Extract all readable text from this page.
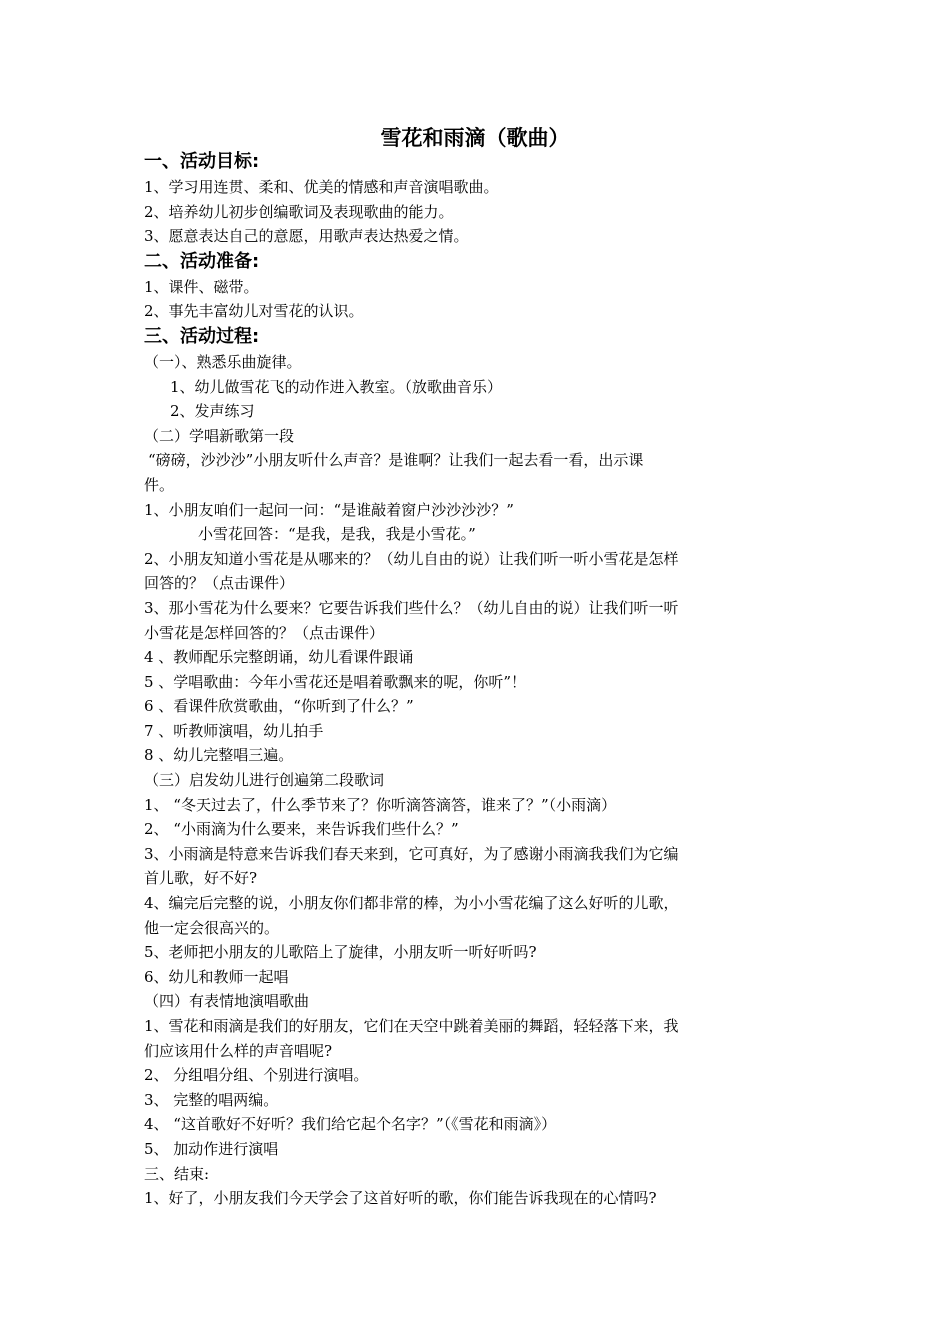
雪花和雨滴（歌曲）
一、活动目标:
1、学习用连贯、柔和、优美的情感和声音演唱歌曲。
2、培养幼儿初步创编歌词及表现歌曲的能力。
3、愿意表达自己的意愿，用歌声表达热爱之情。
二、活动准备:
1、课件、磁带。
2、事先丰富幼儿对雪花的认识。
三、活动过程:
（一）、熟悉乐曲旋律。
1、幼儿做雪花飞的动作进入教室。（放歌曲音乐）
2、发声练习
（二）学唱新歌第一段
“磅磅，沙沙沙”小朋友听什么声音？是谁啊？让我们一起去看一看，出示课
件。
1、小朋友咱们一起问一问：“是谁敲着窗户沙沙沙沙？”
小雪花回答：“是我，是我，我是小雪花。”
2、小朋友知道小雪花是从哪来的？（幼儿自由的说）让我们听一听小雪花是怎样
回答的？（点击课件）
3、那小雪花为什么要来？它要告诉我们些什么？（幼儿自由的说）让我们听一听
小雪花是怎样回答的？（点击课件）
4 、教师配乐完整朗诵，幼儿看课件跟诵
5 、学唱歌曲：今年小雪花还是唱着歌飘来的呢，你听”！
6 、看课件欣赏歌曲，“你听到了什么？”
7 、听教师演唱，幼儿拍手
8 、幼儿完整唱三遍。
（三）启发幼儿进行创遍第二段歌词
1、 “冬天过去了，什么季节来了？你听滴答滴答，谁来了？”（小雨滴）
2、 “小雨滴为什么要来，来告诉我们些什么？”
3、小雨滴是特意来告诉我们春天来到，它可真好，为了感谢小雨滴我我们为它编
首儿歌，好不好?
4、编完后完整的说，小朋友你们都非常的棒，为小小雪花编了这么好听的儿歌，
他一定会很高兴的。
5、老师把小朋友的儿歌陪上了旋律，小朋友听一听好听吗?
6、幼儿和教师一起唱
（四）有表情地演唱歌曲
1、雪花和雨滴是我们的好朋友，它们在天空中跳着美丽的舞蹈，轻轻落下来，我
们应该用什么样的声音唱呢?
2、 分组唱分组、个别进行演唱。
3、 完整的唱两编。
4、 “这首歌好不好听？我们给它起个名字？”（《雪花和雨滴》）
5、 加动作进行演唱
三、结束:
1、好了，小朋友我们今天学会了这首好听的歌，你们能告诉我现在的心情吗?
